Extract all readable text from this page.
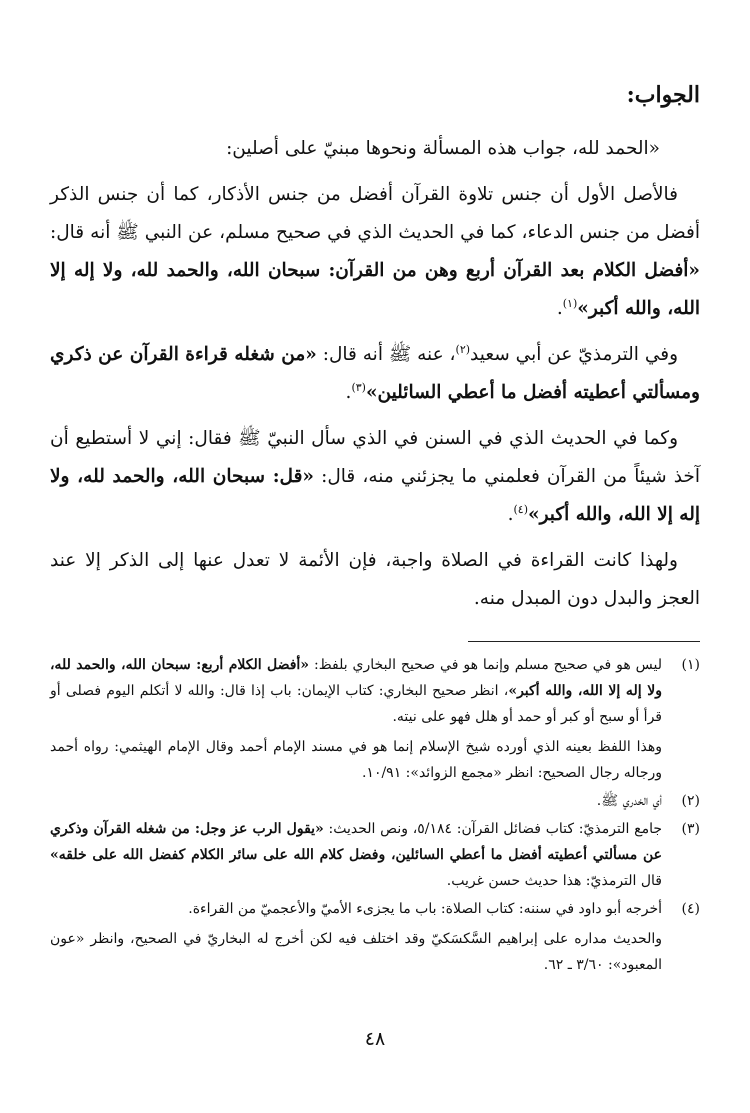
الجواب:

«الحمد لله، جواب هذه المسألة ونحوها مبنيّ على أصلين:

فالأصل الأول أن جنس تلاوة القرآن أفضل من جنس الأذكار، كما أن جنس الذكر أفضل من جنس الدعاء، كما في الحديث الذي في صحيح مسلم، عن النبي ﷺ أنه قال: «أفضل الكلام بعد القرآن أربع وهن من القرآن: سبحان الله، والحمد لله، ولا إله إلا الله، والله أكبر»$^{(١)}$.

وفي الترمذيّ عن أبي سعيد$^{(٢)}$، عنه ﷺ أنه قال: «من شغله قراءة القرآن عن ذكري ومسألتي أعطيته أفضل ما أعطي السائلين»$^{(٣)}$.

وكما في الحديث الذي في السنن في الذي سأل النبيّ ﷺ فقال: إني لا أستطيع أن آخذ شيئاً من القرآن فعلمني ما يجزئني منه، قال: «قل: سبحان الله، والحمد لله، ولا إله إلا الله، والله أكبر»$^{(٤)}$.

ولهذا كانت القراءة في الصلاة واجبة، فإن الأئمة لا تعدل عنها إلى الذكر إلا عند العجز والبدل دون المبدل منه.

(١)

ليس هو في صحيح مسلم وإنما هو في صحيح البخاري بلفظ: «أفضل الكلام أربع: سبحان الله، والحمد لله، ولا إله إلا الله، والله أكبر»، انظر صحيح البخاري: كتاب الإيمان: باب إذا قال: والله لا أتكلم اليوم فصلى أو قرأ أو سبح أو كبر أو حمد أو هلل فهو على نيته.

وهذا اللفظ بعينه الذي أورده شيخ الإسلام إنما هو في مسند الإمام أحمد وقال الإمام الهيثمي: رواه أحمد ورجاله رجال الصحيح: انظر «مجمع الزوائد»: ١٠/٩١.

(٢)

أي الخدري ﷺ.

(٣)

جامع الترمذيّ: كتاب فضائل القرآن: ٥/١٨٤، ونص الحديث: «يقول الرب عز وجل: من شغله القرآن وذكري عن مسألتي أعطيته أفضل ما أعطي السائلين، وفضل كلام الله على سائر الكلام كفضل الله على خلقه» قال الترمذيّ: هذا حديث حسن غريب.

(٤)

أخرجه أبو داود في سننه: كتاب الصلاة: باب ما يجزىء الأميّ والأعجميّ من القراءة.

والحديث مداره على إبراهيم السَّكسَكيّ وقد اختلف فيه لكن أخرج له البخاريّ في الصحيح، وانظر «عون المعبود»: ٣/٦٠ ـ ٦٢.

٤٨
